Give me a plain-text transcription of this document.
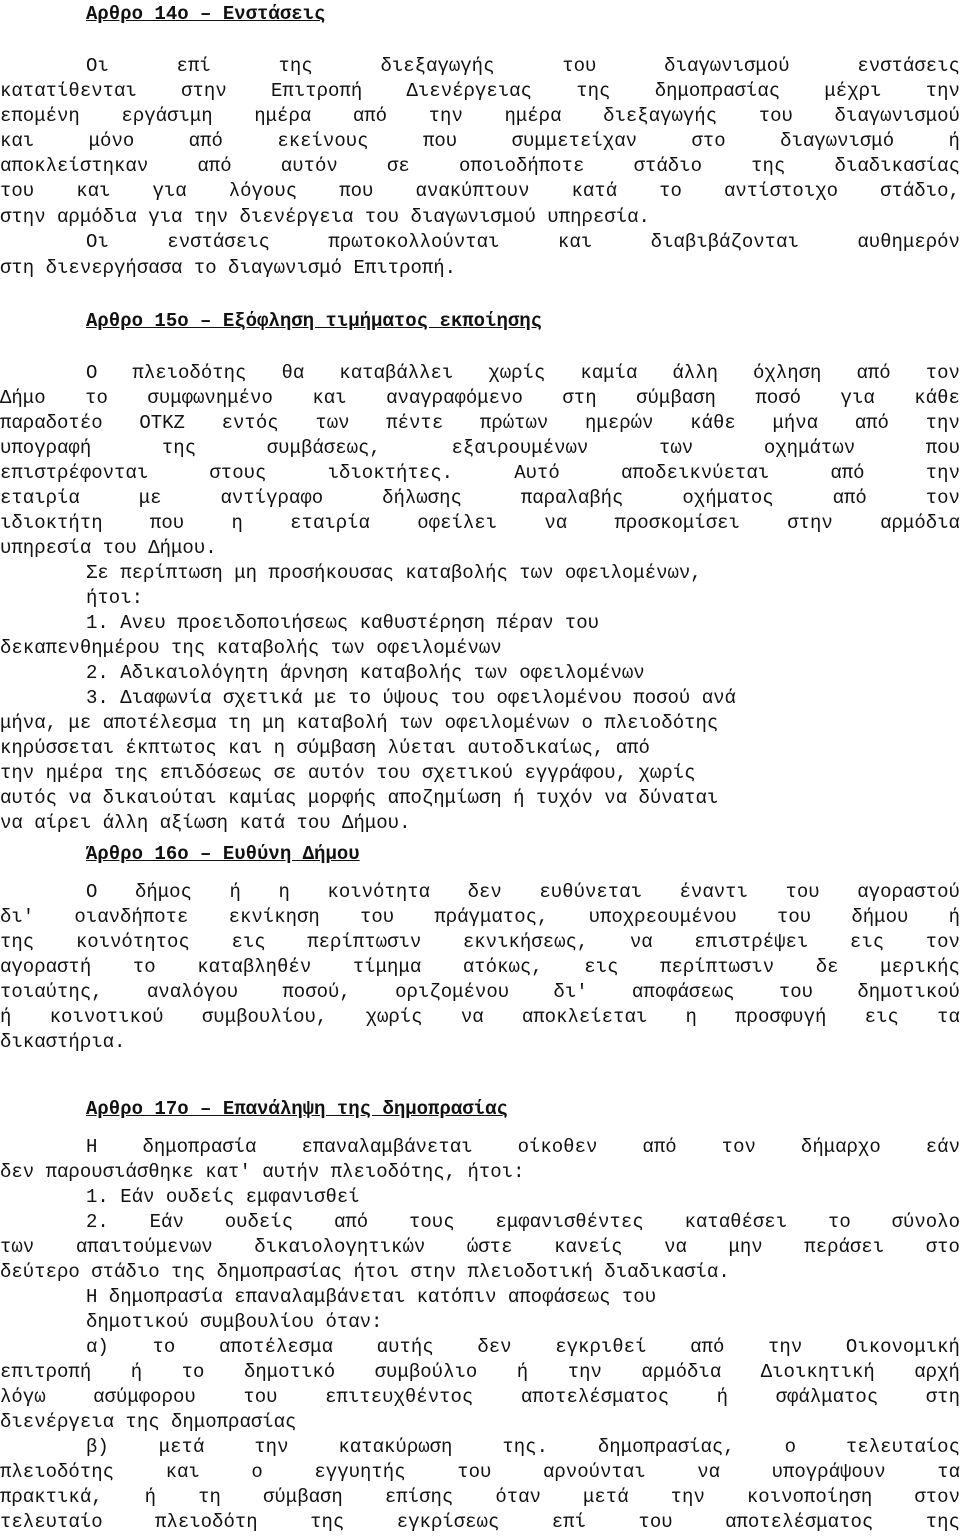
Αρθρο 14ο – Ενστάσεις
Οι	επί	της	διεξαγωγής	του	διαγωνισμού	ενστάσεις
κατατίθενται στην Επιτροπή Διενέργειας της δημοπρασίας μέχρι την
επομένη εργάσιμη ημέρα από την ημέρα διεξαγωγής του διαγωνισμού
και	μόνο	από	εκείνους	που	συμμετείχαν	στο	διαγωνισμό	ή
αποκλείστηκαν	από	αυτόν	σε	οποιοδήποτε	στάδιο	της	διαδικασίας
του και για λόγους που ανακύπτουν κατά το αντίστοιχο στάδιο,
στην αρμόδια για την διενέργεια του διαγωνισμού υπηρεσία.
Οι	ενστάσεις	πρωτοκολλούνται	και	διαβιβάζονται	αυθημερόν
στη διενεργήσασα το διαγωνισμό Επιτροπή.
Αρθρο 15ο – Εξόφληση τιμήματος εκποίησης
Ο πλειοδότης θα καταβάλλει χωρίς καμία άλλη όχληση από τον
Δήμο το συμφωνημένο και αναγραφόμενο στη σύμβαση ποσό για κάθε
παραδοτέο ΟΤΚΖ εντός των πέντε πρώτων ημερών κάθε μήνα από την
υπογραφή	της	συμβάσεως,	εξαιρουμένων	των	οχημάτων	που
επιστρέφονται	στους	ιδιοκτήτες.	Αυτό	αποδεικνύεται	από	την
εταιρία	με	αντίγραφο	δήλωσης	παραλαβής	οχήματος	από	τον
ιδιοκτήτη που η εταιρία οφείλει να προσκομίσει στην αρμόδια
υπηρεσία του Δήμου.
Σε περίπτωση μη προσήκουσας καταβολής των οφειλομένων,
ήτοι:
1. Ανευ προειδοποιήσεως καθυστέρηση πέραν του
δεκαπενθημέρου της καταβολής των οφειλομένων
2. Αδικαιολόγητη άρνηση καταβολής των οφειλομένων
3. Διαφωνία σχετικά με το ύψους του οφειλομένου ποσού ανά
μήνα, με αποτέλεσμα τη μη καταβολή των οφειλομένων ο πλειοδότης
κηρύσσεται έκπτωτος και η σύμβαση λύεται αυτοδικαίως, από
την ημέρα της επιδόσεως σε αυτόν του σχετικού εγγράφου, χωρίς
αυτός να δικαιούται καμίας μορφής αποζημίωση ή τυχόν να δύναται
να αίρει άλλη αξίωση κατά του Δήμου.
Άρθρο 16ο – Ευθύνη Δήμου
Ο δήμος ή η κοινότητα δεν ευθύνεται έναντι του αγοραστού
δι' οιανδήποτε εκνίκηση του πράγματος, υποχρεουμένου του δήμου ή
της κοινότητος εις περίπτωσιν εκνικήσεως, να επιστρέψει εις τον
αγοραστή το καταβληθέν τίμημα ατόκως, εις περίπτωσιν δε μερικής
τοιαύτης, αναλόγου ποσού, οριζομένου δι' αποφάσεως του δημοτικού
ή κοινοτικού συμβουλίου, χωρίς να αποκλείεται η προσφυγή εις τα
δικαστήρια.
Αρθρο 17ο – Επανάληψη της δημοπρασίας
Η δημοπρασία επαναλαμβάνεται οίκοθεν από τον δήμαρχο εάν
δεν παρουσιάσθηκε κατ' αυτήν πλειοδότης, ήτοι:
1. Εάν ουδείς εμφανισθεί
2. Εάν ουδείς από τους εμφανισθέντες καταθέσει το σύνολο
των απαιτούμενων δικαιολογητικών ώστε κανείς να μην περάσει στο
δεύτερο στάδιο της δημοπρασίας ήτοι στην πλειοδοτική διαδικασία.
Η δημοπρασία επαναλαμβάνεται κατόπιν αποφάσεως του
δημοτικού συμβουλίου όταν:
α) το αποτέλεσμα αυτής δεν εγκριθεί από την Οικονομική
επιτροπή ή το δημοτικό συμβούλιο ή την αρμόδια Διοικητική αρχή
λόγω	ασύμφορου	του	επιτευχθέντος	αποτελέσματος	ή	σφάλματος	στη
διενέργεια της δημοπρασίας
β)	μετά	την	κατακύρωση	της.	δημοπρασίας,	ο	τελευταίος
πλειοδότης	και	ο	εγγυητής	του	αρνούνται	να	υπογράψουν	τα
πρακτικά, ή τη σύμβαση επίσης όταν μετά την κοινοποίηση στον
τελευταίο	πλειοδότη	της	εγκρίσεως	επί	του	αποτελέσματος	της
